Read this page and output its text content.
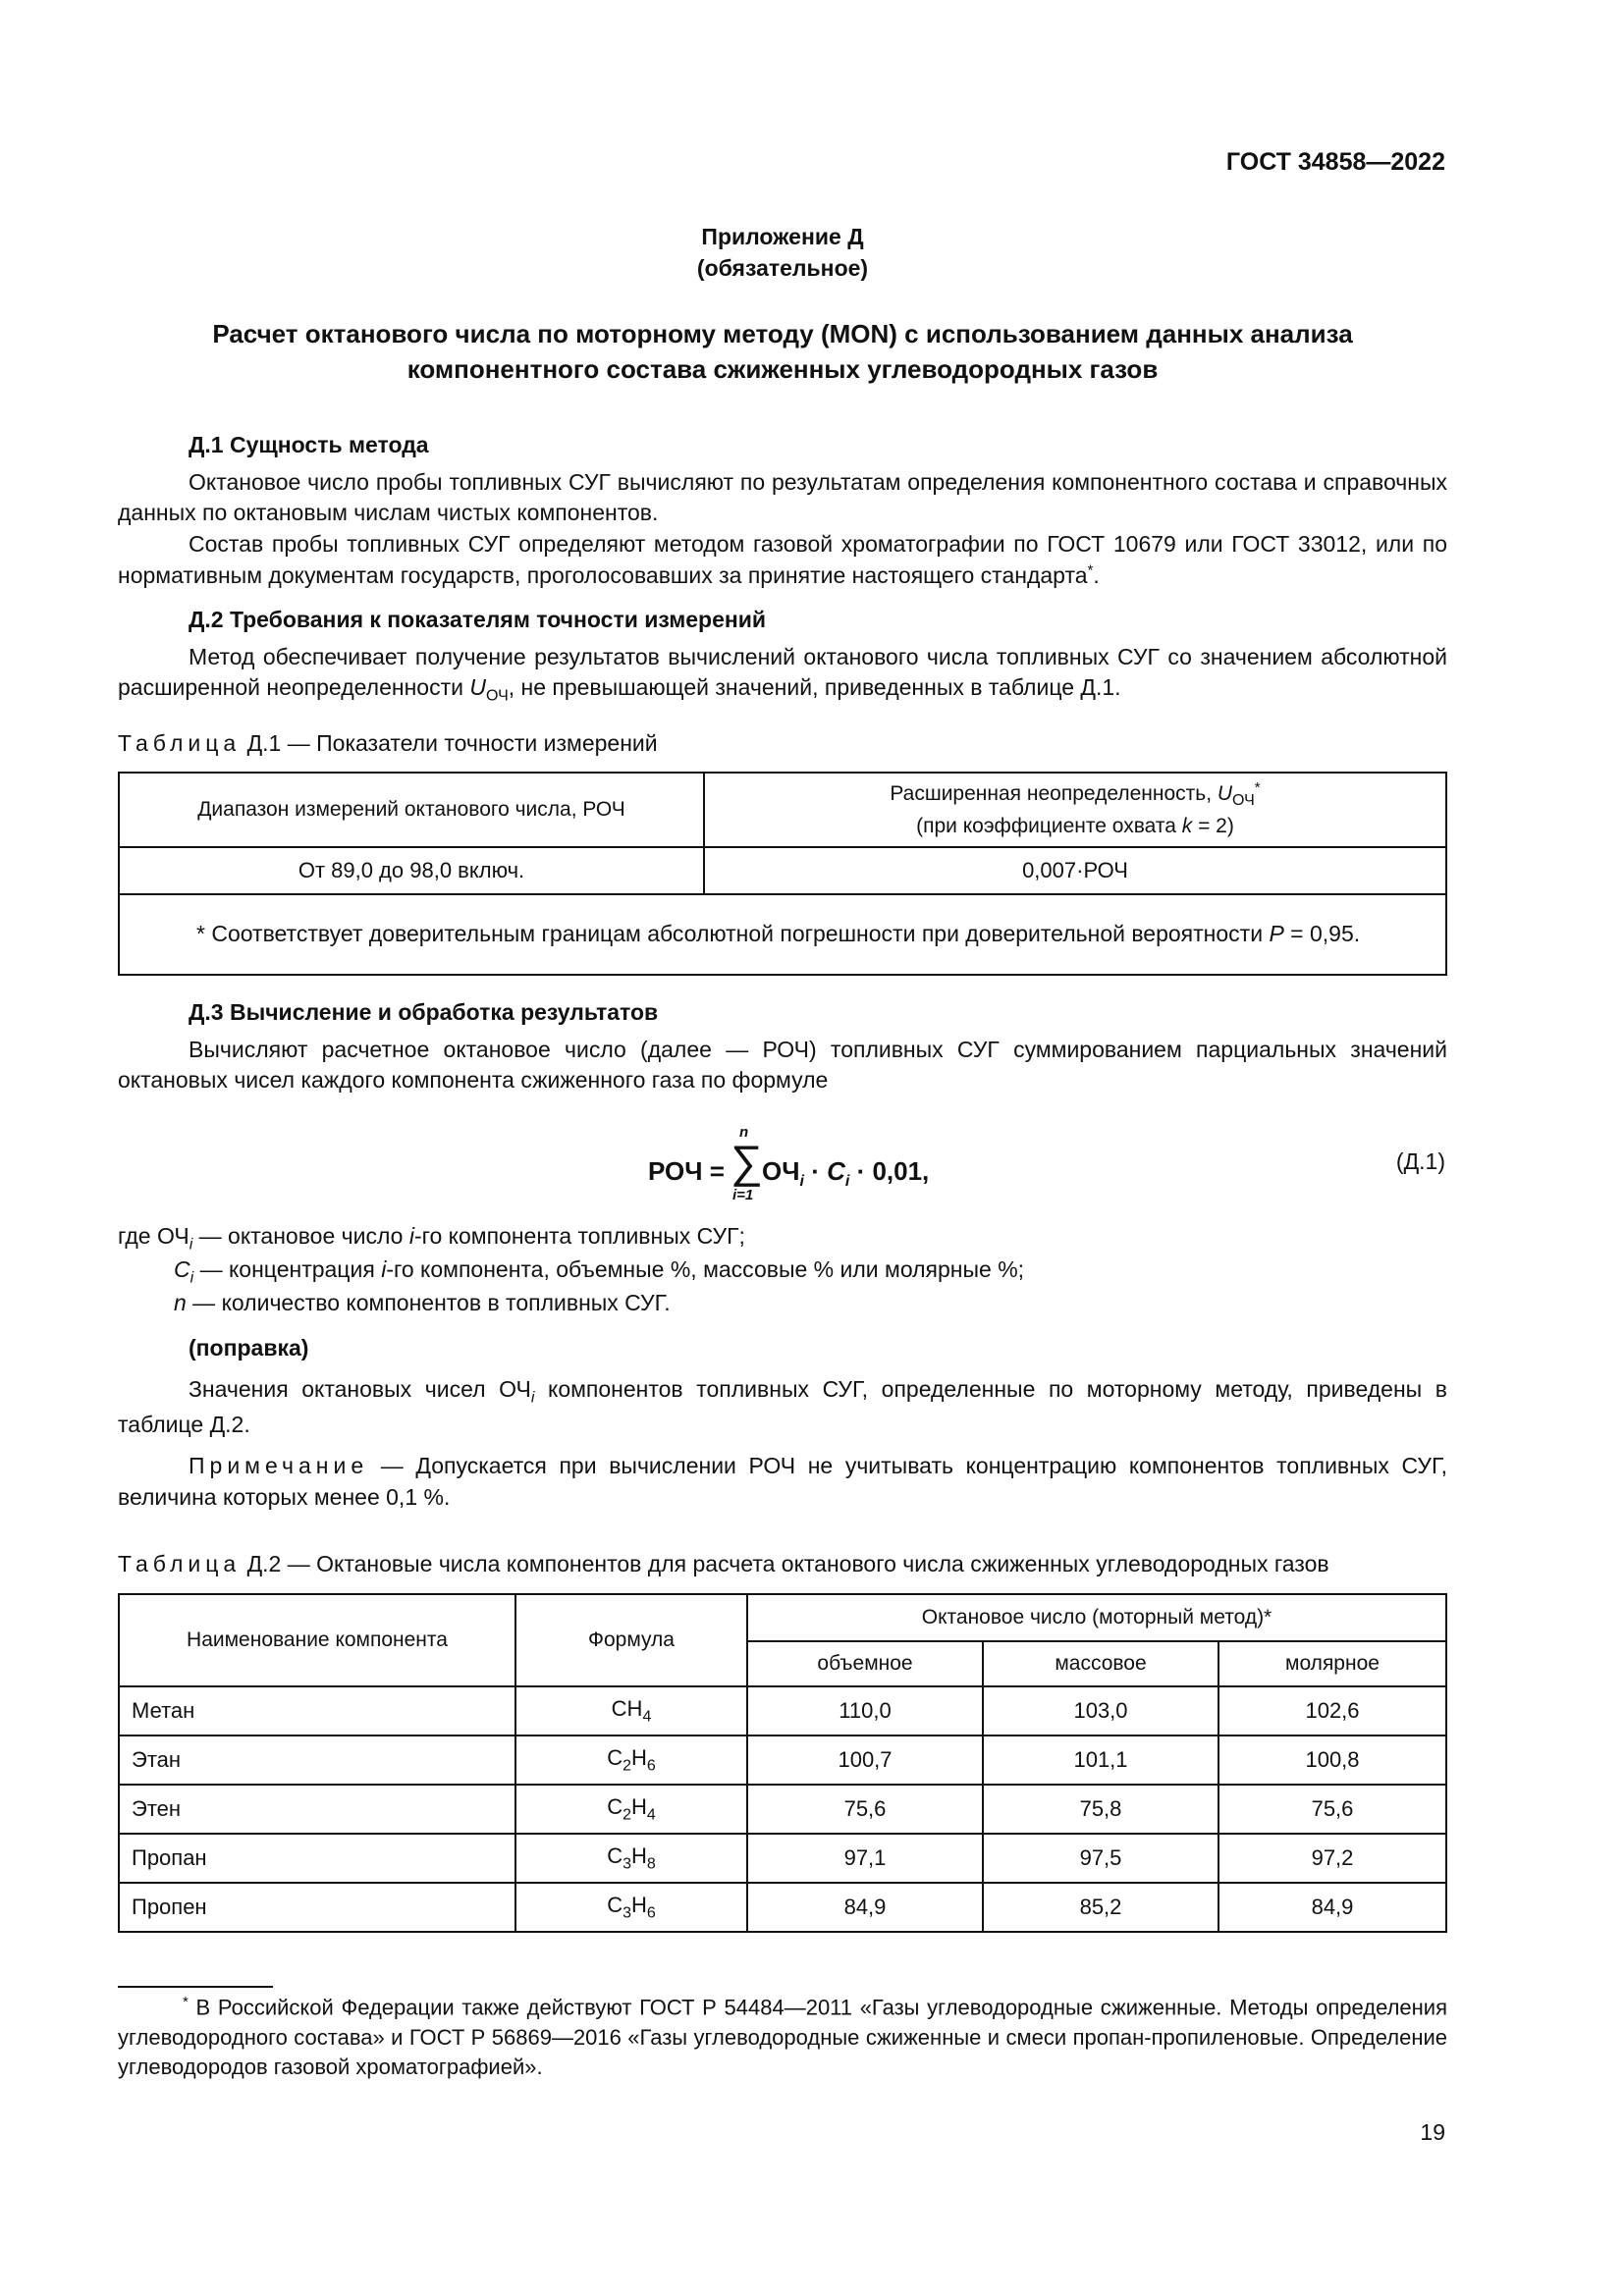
ГОСТ 34858—2022
Приложение Д
(обязательное)
Расчет октанового числа по моторному методу (MON) с использованием данных анализа
компонентного состава сжиженных углеводородных газов

Д.1 Сущность метода

Октановое число пробы топливных СУГ вычисляют по результатам определения компонентного состава и справочных данных по октановым числам чистых компонентов.

Состав пробы топливных СУГ определяют методом газовой хроматографии по ГОСТ 10679 или ГОСТ 33012, или по нормативным документам государств, проголосовавших за принятие настоящего стандарта*.

Д.2 Требования к показателям точности измерений

Метод обеспечивает получение результатов вычислений октанового числа топливных СУГ со значением абсолютной расширенной неопределенности $U_{ОЧ}$, не превышающей значений, приведенных в таблице Д.1.

Таблица Д.1 — Показатели точности измерений
Диапазон измерений октанового числа, РОЧ	Расширенная неопределенность, $U_{ОЧ}^*$
(при коэффициенте охвата k = 2)

От 89,0 до 98,0 включ.	0,007·РОЧ
* Соответствует доверительным границам абсолютной погрешности при доверительной вероятности P = 0,95.	

Д.3 Вычисление и обработка результатов

Вычисляют расчетное октановое число (далее — РОЧ) топливных СУГ суммированием парциальных значений октановых чисел каждого компонента сжиженного газа по формуле

РОЧ =
n
∑
i=1
$ОЧ_i \cdot C_i \cdot 0,01$,	(Д.1)
где $ОЧ_i$ — октановое число i-го компонента топливных СУГ;
$C_i$ — концентрация i-го компонента, объемные %, массовые % или молярные %;
n — количество компонентов в топливных СУГ.

(поправка)

Значения октановых чисел $ОЧ_i$ компонентов топливных СУГ, определенные по моторному методу, приведены в таблице Д.2.

Примечание — Допускается при вычислении РОЧ не учитывать концентрацию компонентов топливных СУГ, величина которых менее 0,1 %.

Таблица Д.2 — Октановые числа компонентов для расчета октанового числа сжиженных углеводородных газов
Наименование компонента	Формула	Октановое число (моторный метод)*		
		объемное	массовое	молярное
Метан	$CH_4$	110,0	103,0	102,6
Этан	$C_2H_6$	100,7	101,1	100,8
Этен	$C_2H_4$	75,6	75,8	75,6
Пропан	$C_3H_8$	97,1	97,5	97,2
Пропен	$C_3H_6$	84,9	85,2	84,9
* В Российской Федерации также действуют ГОСТ Р 54484—2011 «Газы углеводородные сжиженные. Методы определения углеводородного состава» и ГОСТ Р 56869—2016 «Газы углеводородные сжиженные и смеси пропан-пропиленовые. Определение углеводородов газовой хроматографией».
19
